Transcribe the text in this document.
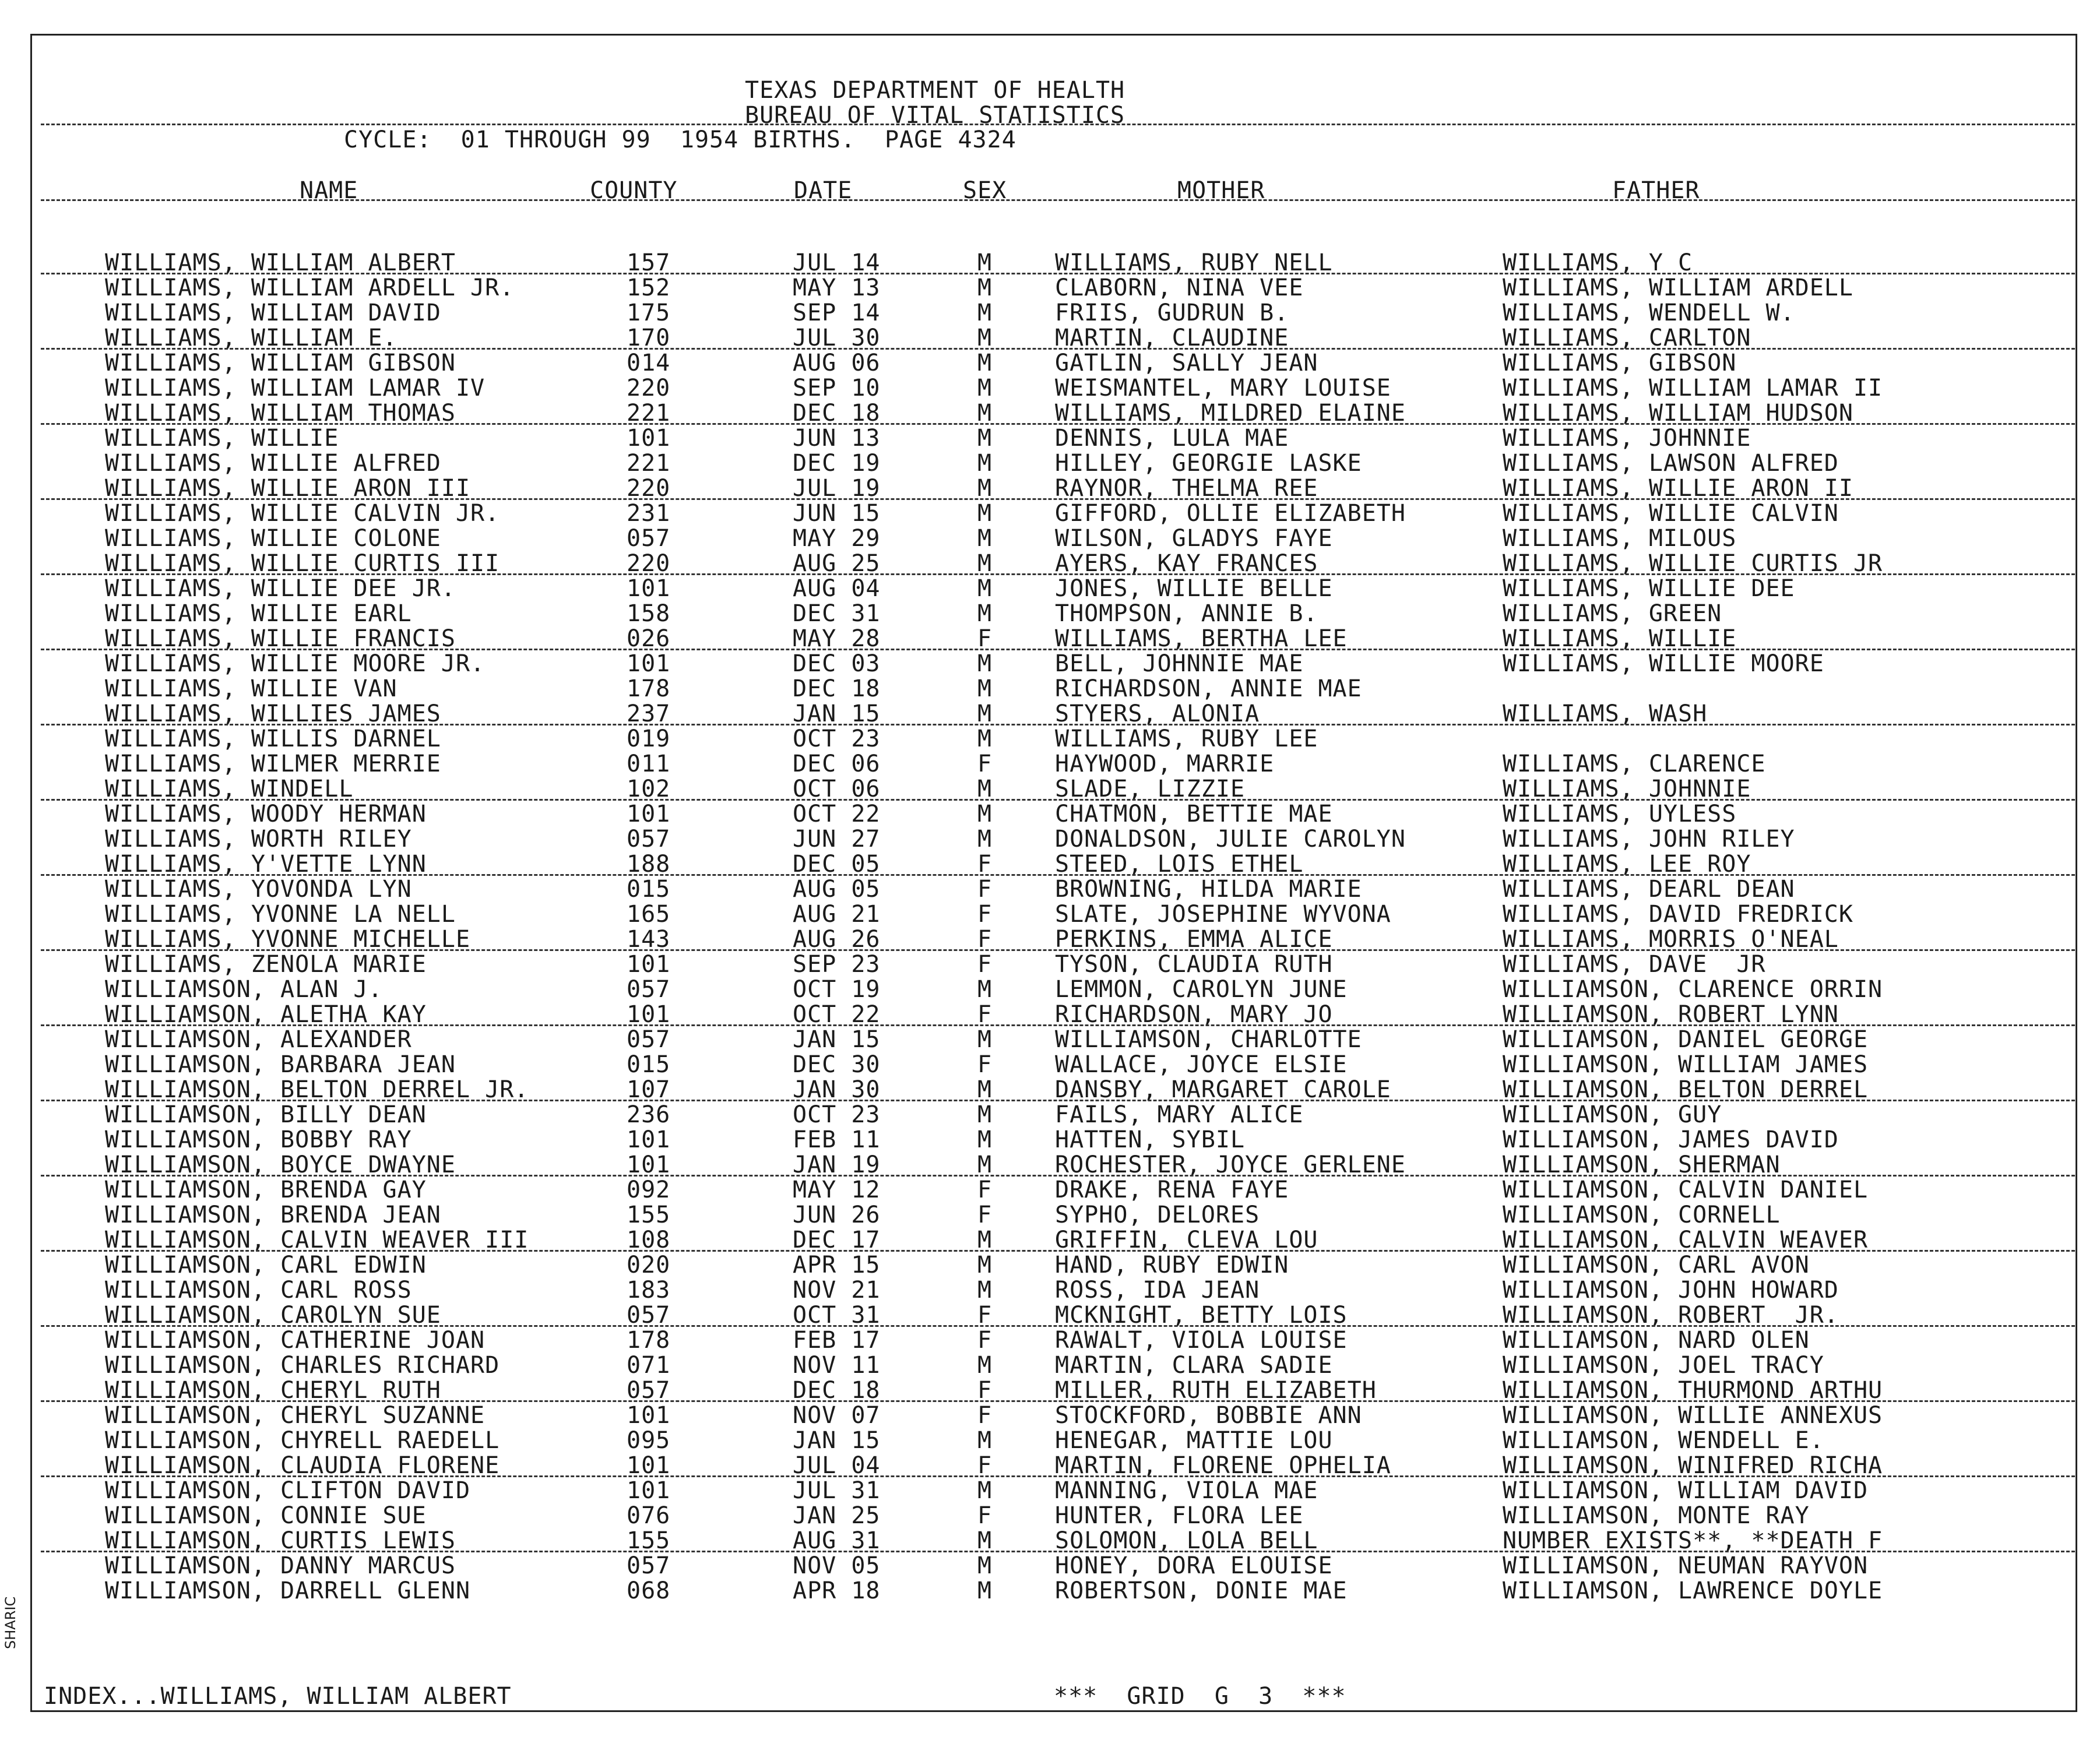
TEXAS DEPARTMENT OF HEALTH
BUREAU OF VITAL STATISTICS
CYCLE:  01 THROUGH 99  1954 BIRTHS.  PAGE 4324
NAME	COUNTY	DATE	SEX	MOTHER	FATHER
WILLIAMS, WILLIAM ALBERT	157	JUL 14	M	WILLIAMS, RUBY NELL	WILLIAMS, Y C
WILLIAMS, WILLIAM ARDELL JR.	152	MAY 13	M	CLABORN, NINA VEE	WILLIAMS, WILLIAM ARDELL
WILLIAMS, WILLIAM DAVID	175	SEP 14	M	FRIIS, GUDRUN B.	WILLIAMS, WENDELL W.
WILLIAMS, WILLIAM E.	170	JUL 30	M	MARTIN, CLAUDINE	WILLIAMS, CARLTON
WILLIAMS, WILLIAM GIBSON	014	AUG 06	M	GATLIN, SALLY JEAN	WILLIAMS, GIBSON
WILLIAMS, WILLIAM LAMAR IV	220	SEP 10	M	WEISMANTEL, MARY LOUISE	WILLIAMS, WILLIAM LAMAR II
WILLIAMS, WILLIAM THOMAS	221	DEC 18	M	WILLIAMS, MILDRED ELAINE	WILLIAMS, WILLIAM HUDSON
WILLIAMS, WILLIE	101	JUN 13	M	DENNIS, LULA MAE	WILLIAMS, JOHNNIE
WILLIAMS, WILLIE ALFRED	221	DEC 19	M	HILLEY, GEORGIE LASKE	WILLIAMS, LAWSON ALFRED
WILLIAMS, WILLIE ARON III	220	JUL 19	M	RAYNOR, THELMA REE	WILLIAMS, WILLIE ARON II
WILLIAMS, WILLIE CALVIN JR.	231	JUN 15	M	GIFFORD, OLLIE ELIZABETH	WILLIAMS, WILLIE CALVIN
WILLIAMS, WILLIE COLONE	057	MAY 29	M	WILSON, GLADYS FAYE	WILLIAMS, MILOUS
WILLIAMS, WILLIE CURTIS III	220	AUG 25	M	AYERS, KAY FRANCES	WILLIAMS, WILLIE CURTIS JR
WILLIAMS, WILLIE DEE JR.	101	AUG 04	M	JONES, WILLIE BELLE	WILLIAMS, WILLIE DEE
WILLIAMS, WILLIE EARL	158	DEC 31	M	THOMPSON, ANNIE B.	WILLIAMS, GREEN
WILLIAMS, WILLIE FRANCIS	026	MAY 28	F	WILLIAMS, BERTHA LEE	WILLIAMS, WILLIE
WILLIAMS, WILLIE MOORE JR.	101	DEC 03	M	BELL, JOHNNIE MAE	WILLIAMS, WILLIE MOORE
WILLIAMS, WILLIE VAN	178	DEC 18	M	RICHARDSON, ANNIE MAE
WILLIAMS, WILLIES JAMES	237	JAN 15	M	STYERS, ALONIA	WILLIAMS, WASH
WILLIAMS, WILLIS DARNEL	019	OCT 23	M	WILLIAMS, RUBY LEE
WILLIAMS, WILMER MERRIE	011	DEC 06	F	HAYWOOD, MARRIE	WILLIAMS, CLARENCE
WILLIAMS, WINDELL	102	OCT 06	M	SLADE, LIZZIE	WILLIAMS, JOHNNIE
WILLIAMS, WOODY HERMAN	101	OCT 22	M	CHATMON, BETTIE MAE	WILLIAMS, UYLESS
WILLIAMS, WORTH RILEY	057	JUN 27	M	DONALDSON, JULIE CAROLYN	WILLIAMS, JOHN RILEY
WILLIAMS, Y'VETTE LYNN	188	DEC 05	F	STEED, LOIS ETHEL	WILLIAMS, LEE ROY
WILLIAMS, YOVONDA LYN	015	AUG 05	F	BROWNING, HILDA MARIE	WILLIAMS, DEARL DEAN
WILLIAMS, YVONNE LA NELL	165	AUG 21	F	SLATE, JOSEPHINE WYVONA	WILLIAMS, DAVID FREDRICK
WILLIAMS, YVONNE MICHELLE	143	AUG 26	F	PERKINS, EMMA ALICE	WILLIAMS, MORRIS O'NEAL
WILLIAMS, ZENOLA MARIE	101	SEP 23	F	TYSON, CLAUDIA RUTH	WILLIAMS, DAVE  JR
WILLIAMSON, ALAN J.	057	OCT 19	M	LEMMON, CAROLYN JUNE	WILLIAMSON, CLARENCE ORRIN
WILLIAMSON, ALETHA KAY	101	OCT 22	F	RICHARDSON, MARY JO	WILLIAMSON, ROBERT LYNN
WILLIAMSON, ALEXANDER	057	JAN 15	M	WILLIAMSON, CHARLOTTE	WILLIAMSON, DANIEL GEORGE
WILLIAMSON, BARBARA JEAN	015	DEC 30	F	WALLACE, JOYCE ELSIE	WILLIAMSON, WILLIAM JAMES
WILLIAMSON, BELTON DERREL JR.	107	JAN 30	M	DANSBY, MARGARET CAROLE	WILLIAMSON, BELTON DERREL
WILLIAMSON, BILLY DEAN	236	OCT 23	M	FAILS, MARY ALICE	WILLIAMSON, GUY
WILLIAMSON, BOBBY RAY	101	FEB 11	M	HATTEN, SYBIL	WILLIAMSON, JAMES DAVID
WILLIAMSON, BOYCE DWAYNE	101	JAN 19	M	ROCHESTER, JOYCE GERLENE	WILLIAMSON, SHERMAN
WILLIAMSON, BRENDA GAY	092	MAY 12	F	DRAKE, RENA FAYE	WILLIAMSON, CALVIN DANIEL
WILLIAMSON, BRENDA JEAN	155	JUN 26	F	SYPHO, DELORES	WILLIAMSON, CORNELL
WILLIAMSON, CALVIN WEAVER III	108	DEC 17	M	GRIFFIN, CLEVA LOU	WILLIAMSON, CALVIN WEAVER
WILLIAMSON, CARL EDWIN	020	APR 15	M	HAND, RUBY EDWIN	WILLIAMSON, CARL AVON
WILLIAMSON, CARL ROSS	183	NOV 21	M	ROSS, IDA JEAN	WILLIAMSON, JOHN HOWARD
WILLIAMSON, CAROLYN SUE	057	OCT 31	F	MCKNIGHT, BETTY LOIS	WILLIAMSON, ROBERT  JR.
WILLIAMSON, CATHERINE JOAN	178	FEB 17	F	RAWALT, VIOLA LOUISE	WILLIAMSON, NARD OLEN
WILLIAMSON, CHARLES RICHARD	071	NOV 11	M	MARTIN, CLARA SADIE	WILLIAMSON, JOEL TRACY
WILLIAMSON, CHERYL RUTH	057	DEC 18	F	MILLER, RUTH ELIZABETH	WILLIAMSON, THURMOND ARTHU
WILLIAMSON, CHERYL SUZANNE	101	NOV 07	F	STOCKFORD, BOBBIE ANN	WILLIAMSON, WILLIE ANNEXUS
WILLIAMSON, CHYRELL RAEDELL	095	JAN 15	M	HENEGAR, MATTIE LOU	WILLIAMSON, WENDELL E.
WILLIAMSON, CLAUDIA FLORENE	101	JUL 04	F	MARTIN, FLORENE OPHELIA	WILLIAMSON, WINIFRED RICHA
WILLIAMSON, CLIFTON DAVID	101	JUL 31	M	MANNING, VIOLA MAE	WILLIAMSON, WILLIAM DAVID
WILLIAMSON, CONNIE SUE	076	JAN 25	F	HUNTER, FLORA LEE	WILLIAMSON, MONTE RAY
WILLIAMSON, CURTIS LEWIS	155	AUG 31	M	SOLOMON, LOLA BELL	NUMBER EXISTS**, **DEATH F
WILLIAMSON, DANNY MARCUS	057	NOV 05	M	HONEY, DORA ELOUISE	WILLIAMSON, NEUMAN RAYVON
WILLIAMSON, DARRELL GLENN	068	APR 18	M	ROBERTSON, DONIE MAE	WILLIAMSON, LAWRENCE DOYLE
INDEX...WILLIAMS, WILLIAM ALBERT	***  GRID  G  3  ***
SHARIC
